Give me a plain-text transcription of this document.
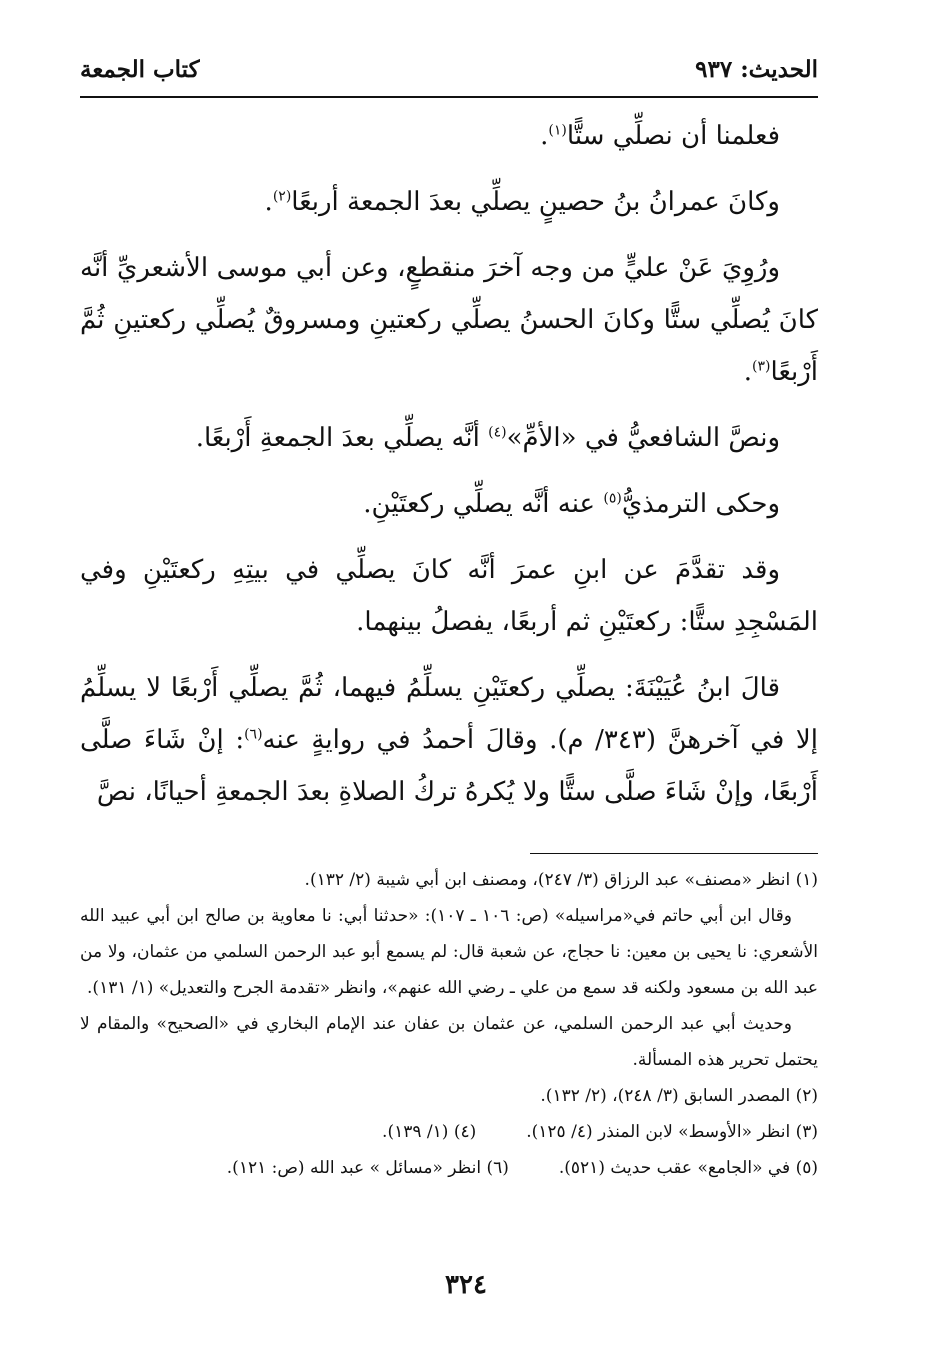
الحديث: ٩٣٧
كتاب الجمعة

فعلمنا أن نصلِّي ستًّا$^{(١)}$.

وكانَ عمرانُ بنُ حصينٍ يصلِّي بعدَ الجمعة أربعًا$^{(٢)}$.

ورُوِيَ عَنْ عليٍّ من وجه آخرَ منقطعٍ، وعن أبي موسى الأشعريِّ أنَّه كانَ يُصلِّي ستًّا وكانَ الحسنُ يصلِّي ركعتينِ ومسروقٌ يُصلِّي ركعتينِ ثُمَّ أَرْبعًا$^{(٣)}$.

ونصَّ الشافعيُّ في «الأمِّ»$^{(٤)}$ أنَّه يصلِّي بعدَ الجمعةِ أَرْبعًا.

وحكى الترمذيُّ$^{(٥)}$ عنه أنَّه يصلِّي ركعتَيْنِ.

وقد تقدَّمَ عن ابنِ عمرَ أنَّه كانَ يصلِّي في بيتِهِ ركعتَيْنِ وفي المَسْجِدِ ستًّا: ركعتَيْنِ ثم أربعًا، يفصلُ بينهما.

قالَ ابنُ عُيَيْنَةَ: يصلِّي ركعتَيْنِ يسلِّمُ فيهما، ثُمَّ يصلِّي أَرْبعًا لا يسلِّمُ إلا في آخرهنَّ (٣٤٣/ م). وقالَ أحمدُ في روايةٍ عنه$^{(٦)}$: إنْ شَاءَ صلَّى أَرْبعًا، وإنْ شَاءَ صلَّى ستًّا ولا يُكرهُ تركُ الصلاةِ بعدَ الجمعةِ أحيانًا، نصَّ

(١) انظر «مصنف» عبد الرزاق (٣/ ٢٤٧)، ومصنف ابن أبي شيبة (٢/ ١٣٢).

وقال ابن أبي حاتم في«مراسيله» (ص: ١٠٦ ـ ١٠٧): «حدثنا أبي: نا معاوية بن صالح ابن أبي عبيد الله الأشعري: نا يحيى بن معين: نا حجاج، عن شعبة قال: لم يسمع أبو عبد الرحمن السلمي من عثمان، ولا من عبد الله بن مسعود ولكنه قد سمع من علي ـ رضي الله عنهم»، وانظر «تقدمة الجرح والتعديل» (١/ ١٣١).

وحديث أبي عبد الرحمن السلمي، عن عثمان بن عفان عند الإمام البخاري في «الصحيح» والمقام لا يحتمل تحرير هذه المسألة.

(٢) المصدر السابق (٣/ ٢٤٨)، (٢/ ١٣٢).

(٣) انظر «الأوسط» لابن المنذر (٤/ ١٢٥).
(٤) (١/ ١٣٩).
(٥) في «الجامع» عقب حديث (٥٢١).
(٦) انظر «مسائل » عبد الله (ص: ١٢١).
٣٢٤
